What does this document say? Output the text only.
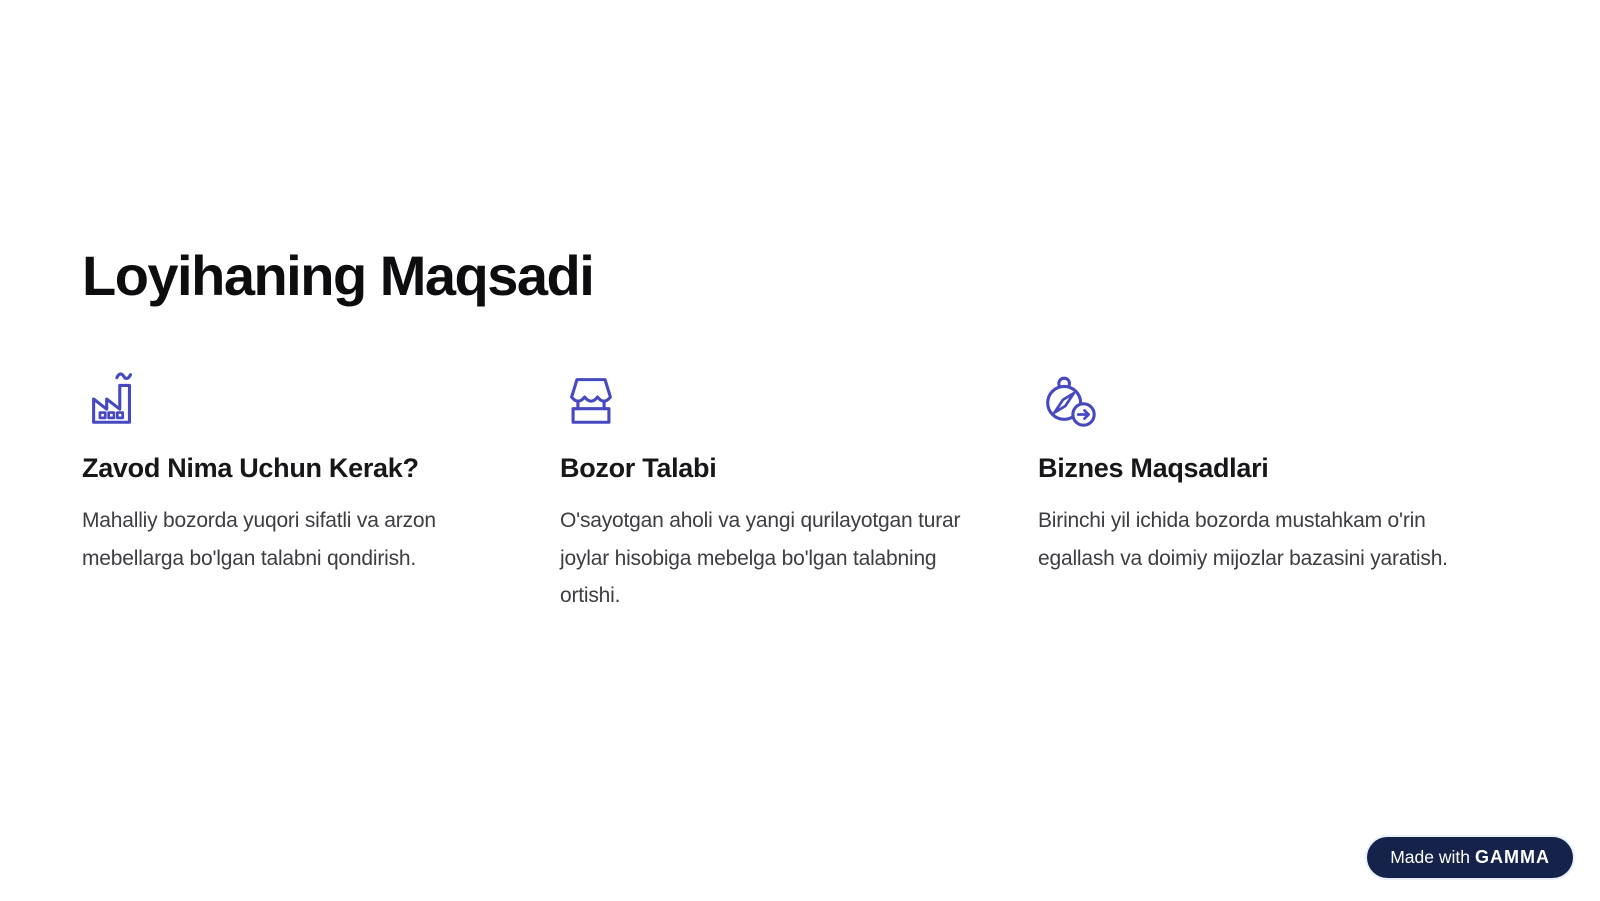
Loyihaning Maqsadi
Zavod Nima Uchun Kerak?

Mahalliy bozorda yuqori sifatli va arzon mebellarga bo'lgan talabni qondirish.

Bozor Talabi

O'sayotgan aholi va yangi qurilayotgan turar joylar hisobiga mebelga bo'lgan talabning ortishi.

Biznes Maqsadlari

Birinchi yil ichida bozorda mustahkam o'rin egallash va doimiy mijozlar bazasini yaratish.

Made with GAMMA
